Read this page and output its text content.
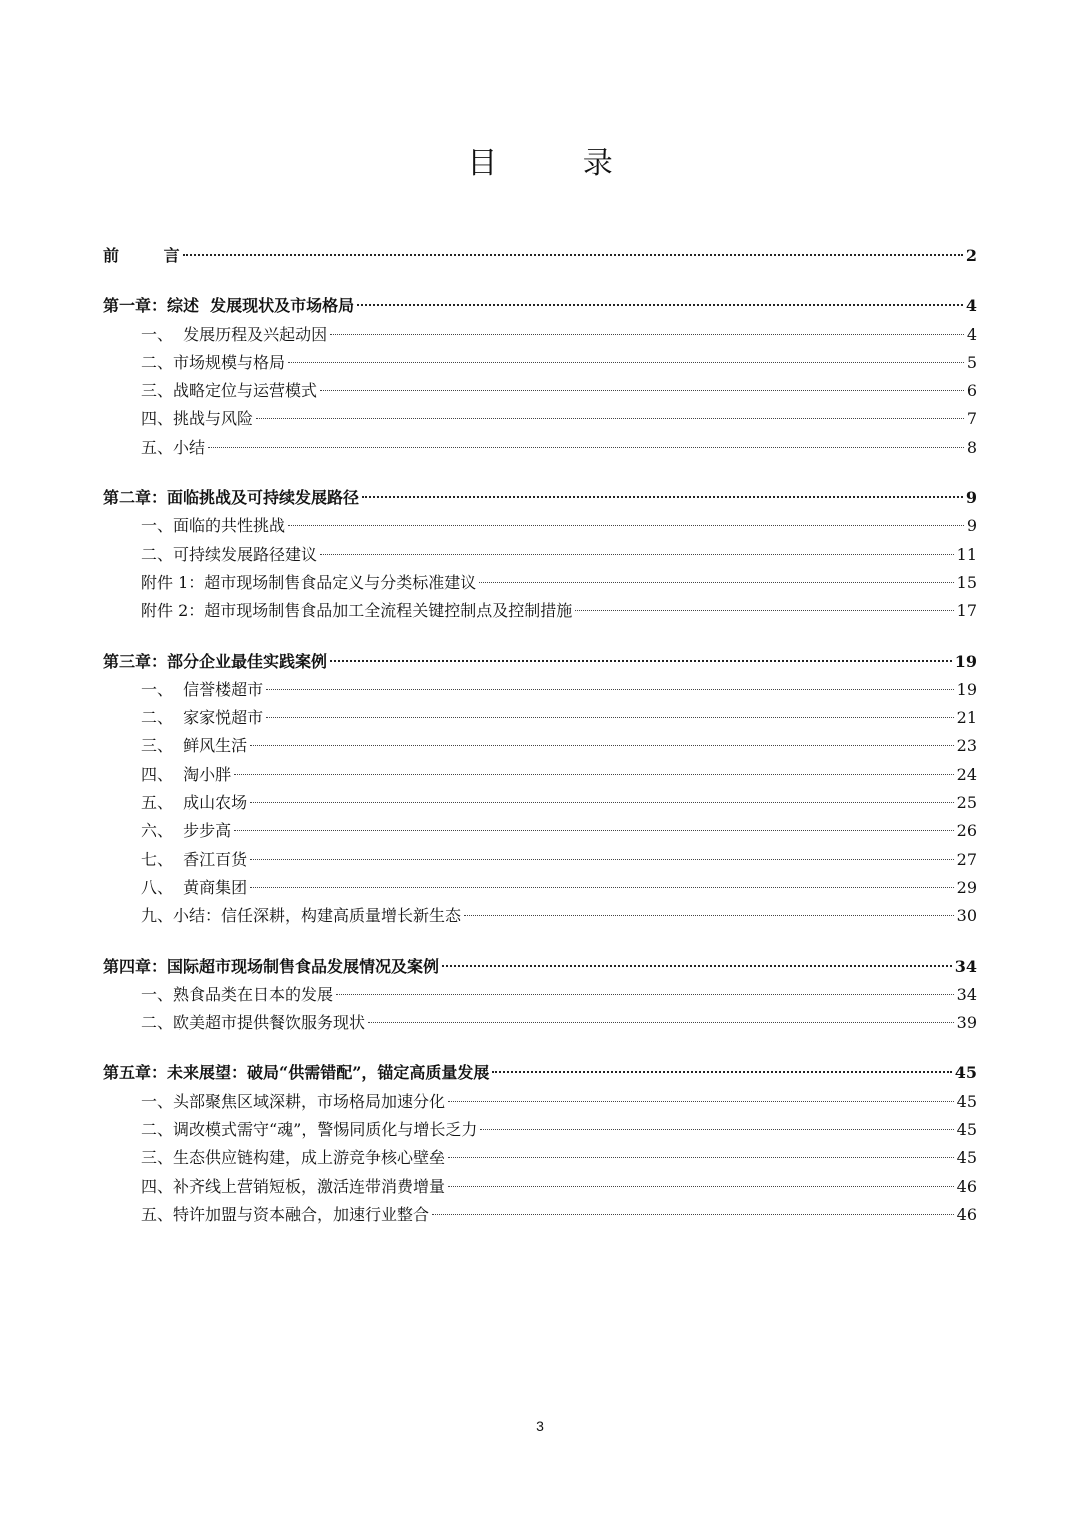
目 录
前        言	2
第一章：综述  发展现状及市场格局	4
一、  发展历程及兴起动因	4
二、市场规模与格局	5
三、战略定位与运营模式	6
四、挑战与风险	7
五、小结	8
第二章：面临挑战及可持续发展路径	9
一、面临的共性挑战	9
二、可持续发展路径建议	11
附件 1：超市现场制售食品定义与分类标准建议	15
附件 2：超市现场制售食品加工全流程关键控制点及控制措施	17
第三章：部分企业最佳实践案例	19
一、  信誉楼超市	19
二、  家家悦超市	21
三、  鲜风生活	23
四、  淘小胖	24
五、  成山农场	25
六、  步步高	26
七、  香江百货	27
八、  黄商集团	29
九、小结：信任深耕，构建高质量增长新生态	30
第四章：国际超市现场制售食品发展情况及案例	34
一、熟食品类在日本的发展	34
二、欧美超市提供餐饮服务现状	39
第五章：未来展望：破局“供需错配”，锚定高质量发展	45
一、头部聚焦区域深耕，市场格局加速分化	45
二、调改模式需守“魂”，警惕同质化与增长乏力	45
三、生态供应链构建，成上游竞争核心壁垒	45
四、补齐线上营销短板，激活连带消费增量	46
五、特许加盟与资本融合，加速行业整合	46
3
